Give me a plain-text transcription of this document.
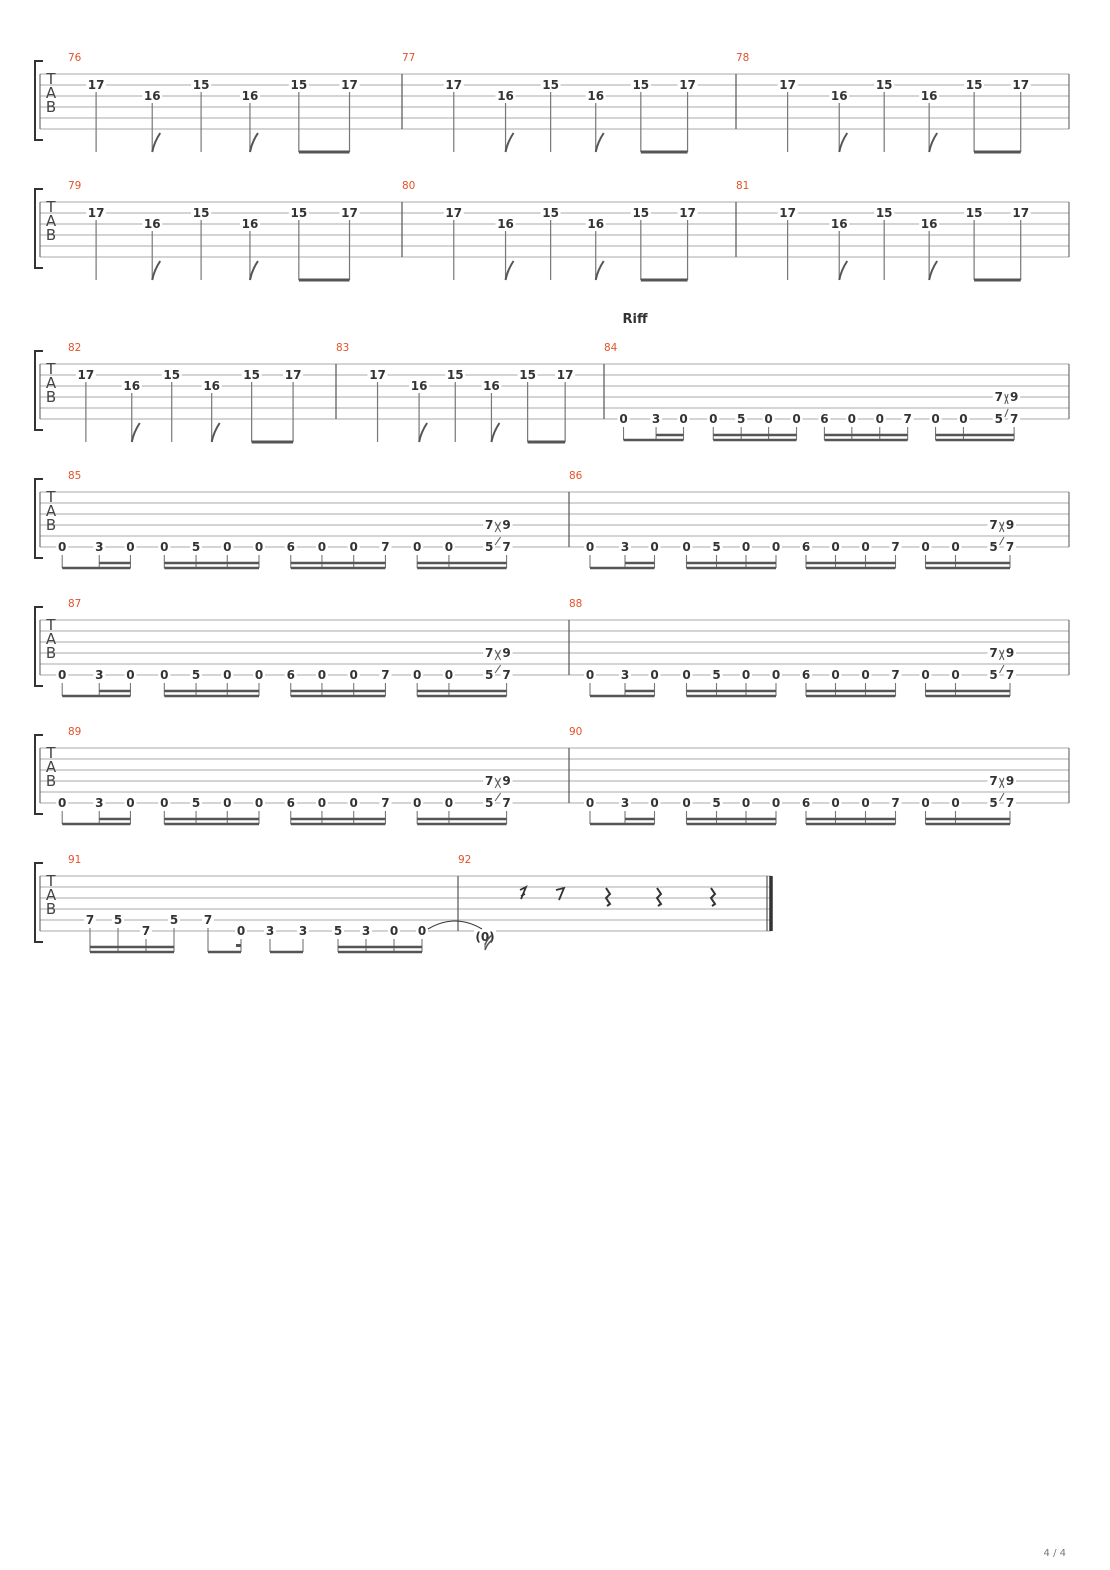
T
A
B
76
17
16
15
16
15	17
77
17
16
15
16
15	17
78
17
16
15
16
15 17
T
A
B
79
17
16
15
16
15	17
80
17
16
15
16
15	17
81
17
16
15
16
15 17
T
A
B
82
17
16
15
16
15 17
83
17
16
15
16
15 17
84
0 3 0 0 5 0 0 6 0 0 7 0 0
7 9
5 7
T
A
B
85
0 3 0 0 5 0 0 6 0 0 7 0 0
7 9
5 7
86
0 3 0 0 5 0 0 6 0 0 7 0 0
7 9
5 7
T
A
B
87
0 3 0 0 5 0 0 6 0 0 7 0 0
7 9
5 7
88
0 3 0 0 5 0 0 6 0 0 7 0 0
7 9
5 7
T
A
B
89
0 3 0 0 5 0 0 6 0 0 7 0 0
7 9
5 7
90
0 3 0 0 5 0 0 6 0 0 7 0 0
7 9
5 7
T
A
B
91
7 5
7
5 7
0 3 3 5 3 0 0	(0)
92
Riff
4 / 4
